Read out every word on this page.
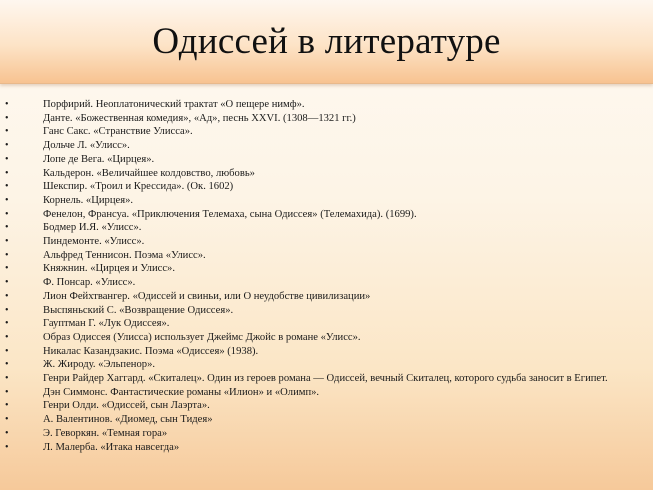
Одиссей в литературе
•	Порфирий. Неоплатонический трактат «О пещере нимф».
•	Данте. «Божественная комедия», «Ад», песнь XXVI. (1308—1321 гг.)
•	Ганс Сакс. «Странствие Улисса».
•	Дольче Л. «Улисс».
•	Лопе де Вега. «Цирцея».
•	Кальдерон. «Величайшее колдовство, любовь»
•	Шекспир. «Троил и Крессида». (Ок. 1602)
•	Корнель. «Цирцея».
•	Фенелон, Франсуа. «Приключения Телемаха, сына Одиссея» (Телемахида). (1699).
•	Бодмер И.Я. «Улисс».
•	Пиндемонте. «Улисс».
•	Альфред Теннисон. Поэма «Улисс».
•	Княжнин. «Цирцея и Улисс».
•	Ф. Понсар. «Улисс».
•	Лион Фейхтвангер. «Одиссей и свиньи, или О неудобстве цивилизации»
•	Выспяньский С. «Возвращение Одиссея».
•	Гауптман Г. «Лук Одиссея».
•	Образ Одиссея (Улисса) использует Джеймс Джойс в романе «Улисс».
•	Никалас Казандзакис. Поэма «Одиссея» (1938).
•	Ж. Жироду. «Эльпенор».
•	Генри Райдер Хаггард. «Скиталец». Один из героев романа — Одиссей, вечный Скиталец, которого судьба заносит в Египет.
•	Дэн Симмонс. Фантастические романы «Илион» и «Олимп».
•	Генри Олди. «Одиссей, сын Лаэрта».
•	А. Валентинов. «Диомед, сын Тидея»
•	Э. Геворкян. «Темная гора»
•	Л. Малерба. «Итака навсегда»
